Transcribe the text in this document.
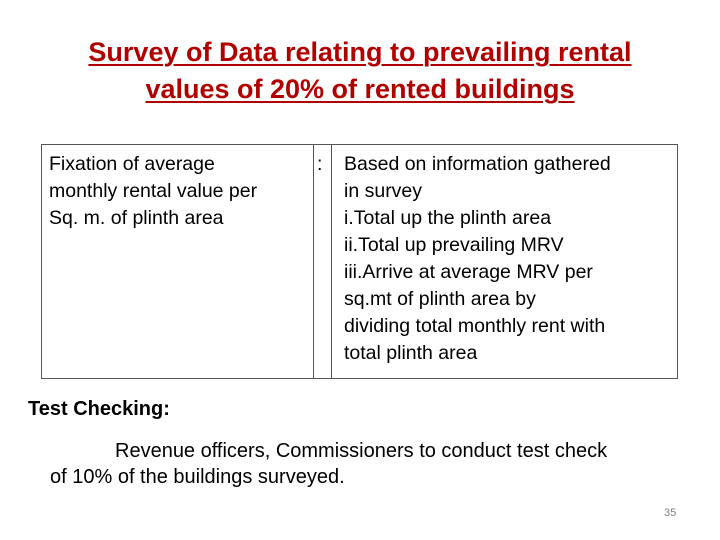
Survey of Data relating to prevailing rental
values of 20% of rented buildings
Fixation of average
monthly rental value per
Sq. m. of plinth area
: Based on information gathered
in survey
i.Total up the plinth area
ii.Total up prevailing MRV
iii.Arrive at average MRV per
sq.mt of plinth area by
dividing total monthly rent with
total plinth area
Test Checking:
Revenue officers, Commissioners to conduct test check
of 10% of the buildings surveyed.
35
